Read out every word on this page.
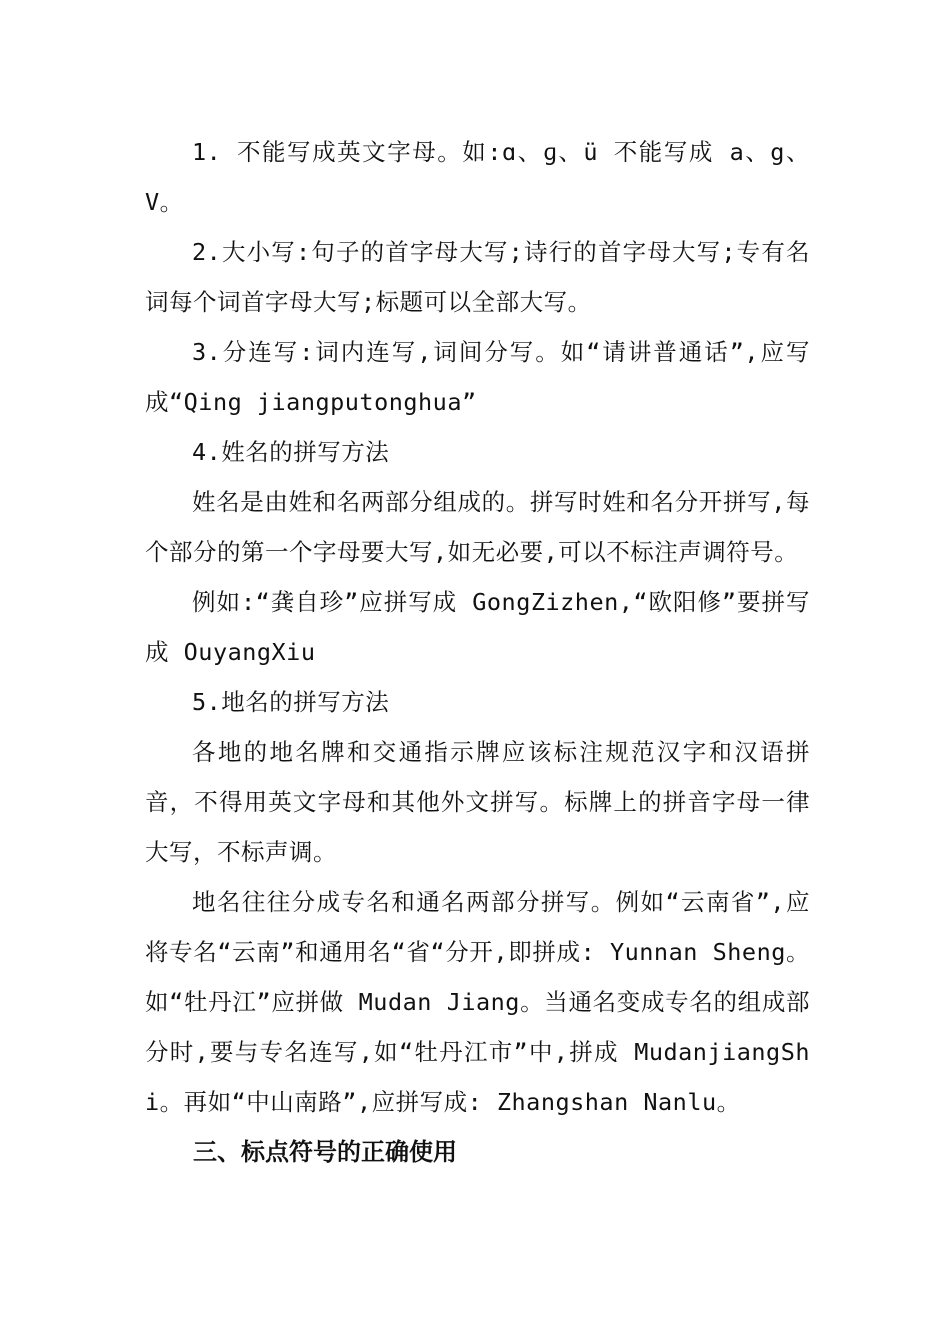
1. 不能写成英文字母。如:ɑ、ɡ、ü 不能写成 a、g、V。

2.大小写:句子的首字母大写;诗行的首字母大写;专有名词每个词首字母大写;标题可以全部大写。

3.分连写:词内连写,词间分写。如“请讲普通话”,应写成“Qing jiangputonghua”

4.姓名的拼写方法

姓名是由姓和名两部分组成的。拼写时姓和名分开拼写,每个部分的第一个字母要大写,如无必要,可以不标注声调符号。

例如:“龚自珍”应拼写成 GongZizhen,“欧阳修”要拼写成 OuyangXiu

5.地名的拼写方法

各地的地名牌和交通指示牌应该标注规范汉字和汉语拼音，不得用英文字母和其他外文拼写。标牌上的拼音字母一律大写，不标声调。

地名往往分成专名和通名两部分拼写。例如“云南省”,应将专名“云南”和通用名“省“分开,即拼成: Yunnan Sheng。如“牡丹江”应拼做 Mudan Jiang。当通名变成专名的组成部分时,要与专名连写,如“牡丹江市”中,拼成 MudanjiangShi。再如“中山南路”,应拼写成: Zhangshan Nanlu。

三、标点符号的正确使用
